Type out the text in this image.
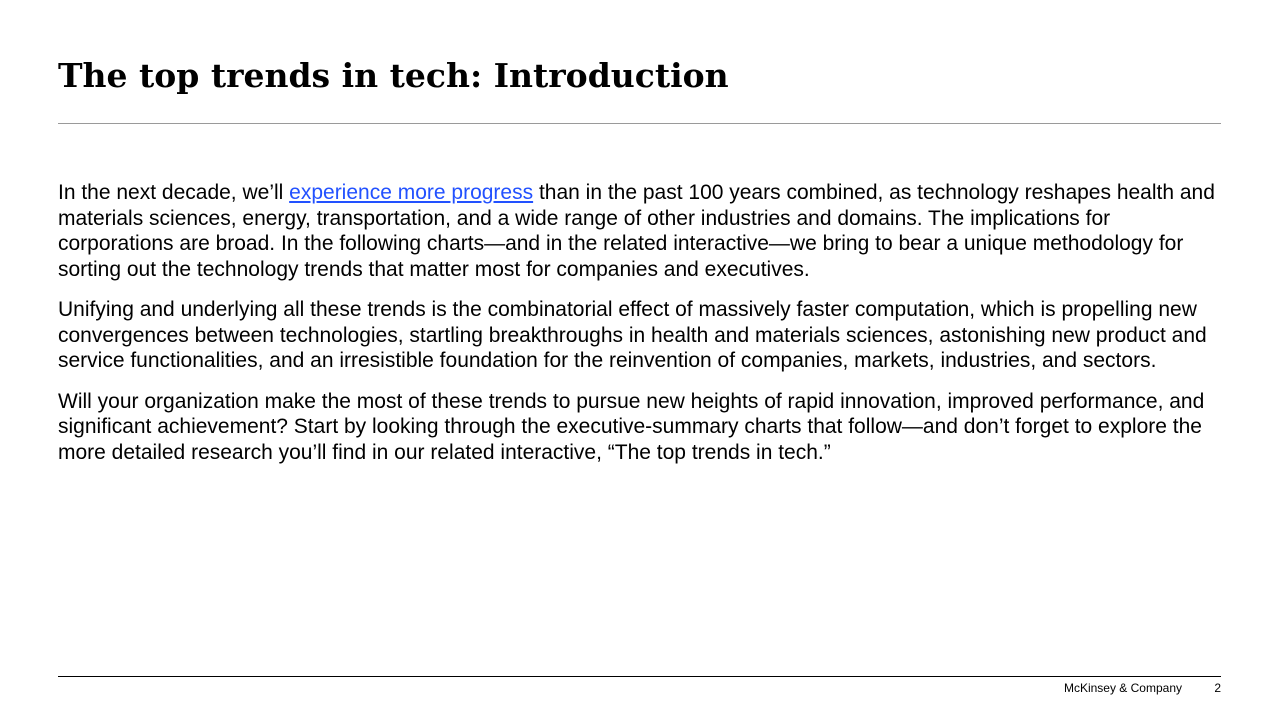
The top trends in tech: Introduction

In the next decade, we’ll experience more progress than in the past 100 years combined, as technology reshapes health and materials sciences, energy, transportation, and a wide range of other industries and domains. The implications for corporations are broad. In the following charts—and in the related interactive—we bring to bear a unique methodology for sorting out the technology trends that matter most for companies and executives.

Unifying and underlying all these trends is the combinatorial effect of massively faster computation, which is propelling new convergences between technologies, startling breakthroughs in health and materials sciences, astonishing new product and service functionalities, and an irresistible foundation for the reinvention of companies, markets, industries, and sectors.

Will your organization make the most of these trends to pursue new heights of rapid innovation, improved performance, and significant achievement? Start by looking through the executive-summary charts that follow—and don’t forget to explore the more detailed research you’ll find in our related interactive, “The top trends in tech.”

McKinsey & Company	2
